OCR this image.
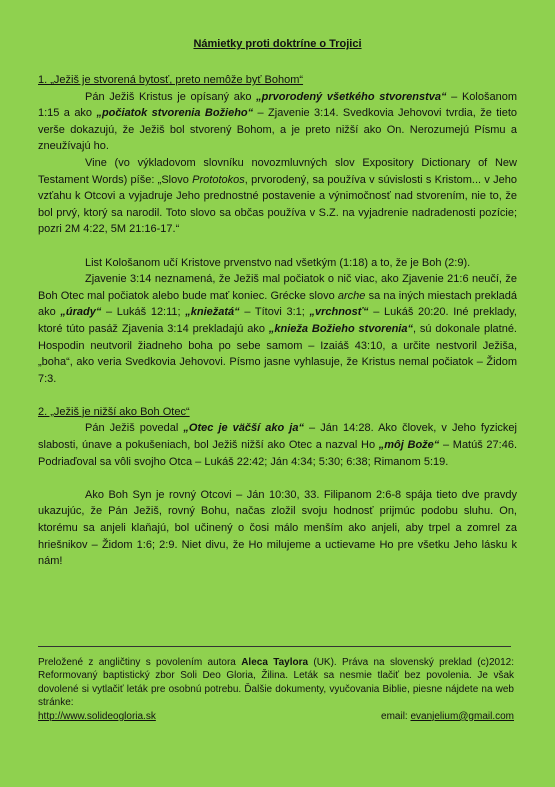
Námietky proti doktríne o Trojici

1. „Ježiš je stvorená bytosť, preto nemôže byť Bohom“

Pán Ježiš Kristus je opísaný ako „prvorodený všetkého stvorenstva“ – Kološanom 1:15 a ako „počiatok stvorenia Božieho“ – Zjavenie 3:14. Svedkovia Jehovovi tvrdia, že tieto verše dokazujú, že Ježiš bol stvorený Bohom, a je preto nižší ako On. Nerozumejú Písmu a zneužívajú ho.

Vine (vo výkladovom slovníku novozmluvných slov Expository Dictionary of New Testament Words) píše: „Slovo Prototokos, prvorodený, sa používa v súvislosti s Kristom... v Jeho vzťahu k Otcovi a vyjadruje Jeho prednostné postavenie a výnimočnosť nad stvorením, nie to, že bol prvý, ktorý sa narodil. Toto slovo sa občas používa v S.Z. na vyjadrenie nadradenosti pozície; pozri 2M 4:22, 5M 21:16-17.“

List Kološanom učí Kristove prvenstvo nad všetkým (1:18) a to, že je Boh (2:9).

Zjavenie 3:14 neznamená, že Ježiš mal počiatok o nič viac, ako Zjavenie 21:6 neučí, že Boh Otec mal počiatok alebo bude mať koniec. Grécke slovo arche sa na iných miestach prekladá ako „úrady“ – Lukáš 12:11; „kniežatá“ – Títovi 3:1; „vrchnosť“ – Lukáš 20:20. Iné preklady, ktoré túto pasáž Zjavenia 3:14 prekladajú ako „knieža Božieho stvorenia“, sú dokonale platné. Hospodin neutvoril žiadneho boha po sebe samom – Izaiáš 43:10, a určite nestvoril Ježiša, „boha“, ako veria Svedkovia Jehovovi. Písmo jasne vyhlasuje, že Kristus nemal počiatok – Židom 7:3.

2. „Ježiš je nižší ako Boh Otec“

Pán Ježiš povedal „Otec je väčší ako ja“ – Ján 14:28. Ako človek, v Jeho fyzickej slabosti, únave a pokušeniach, bol Ježiš nižší ako Otec a nazval Ho „môj Bože“ – Matúš 27:46. Podriaďoval sa vôli svojho Otca – Lukáš 22:42; Ján 4:34; 5:30; 6:38; Rimanom 5:19.

Ako Boh Syn je rovný Otcovi – Ján 10:30, 33. Filipanom 2:6-8 spája tieto dve pravdy ukazujúc, že Pán Ježiš, rovný Bohu, načas zložil svoju hodnosť prijmúc podobu sluhu. On, ktorému sa anjeli klaňajú, bol učinený o čosi málo menším ako anjeli, aby trpel a zomrel za hriešnikov – Židom 1:6; 2:9. Niet divu, že Ho milujeme a uctievame Ho pre všetku Jeho lásku k nám!

Preložené z angličtiny s povolením autora Aleca Taylora (UK). Práva na slovenský preklad (c)2012: Reformovaný baptistický zbor Soli Deo Gloria, Žilina. Leták sa nesmie tlačiť bez povolenia. Je však dovolené si vytlačiť leták pre osobnú potrebu. Ďalšie dokumenty, vyučovania Biblie, piesne nájdete na web stránke:

http://www.solideogloria.sk	email: evanjelium@gmail.com
